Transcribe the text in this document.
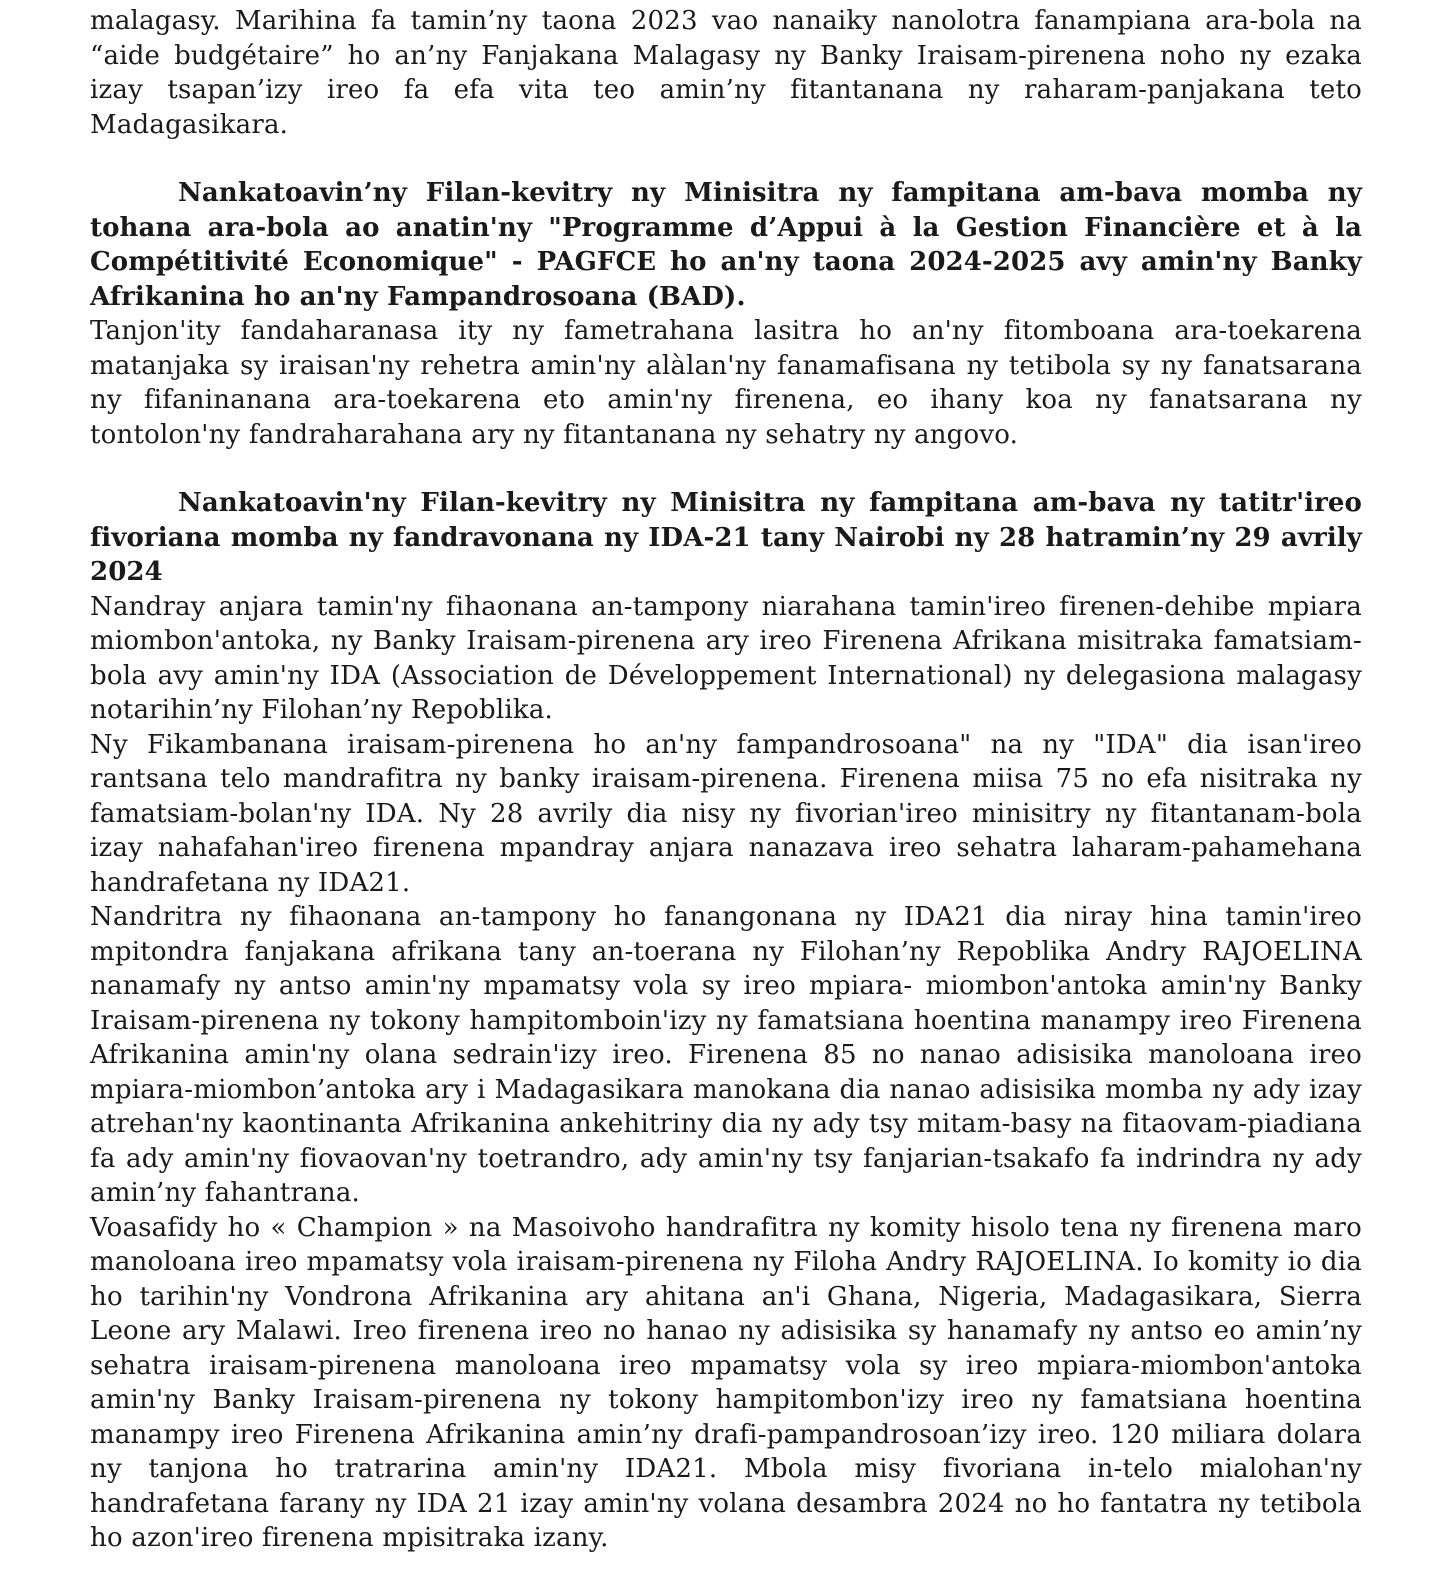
malagasy. Marihina fa tamin’ny taona 2023 vao nanaiky nanolotra fanampiana ara-bola na “aide budgétaire” ho an’ny Fanjakana Malagasy ny Banky Iraisam-pirenena noho ny ezaka izay tsapan’izy ireo fa efa vita teo amin’ny fitantanana ny raharam-panjakana teto Madagasikara.

Nankatoavin’ny Filan-kevitry ny Minisitra ny fampitana am-bava momba ny tohana ara-bola ao anatin'ny "Programme d’Appui à la Gestion Financière et à la Compétitivité Economique" - PAGFCE ho an'ny taona 2024-2025 avy amin'ny Banky Afrikanina ho an'ny Fampandrosoana (BAD).

Tanjon'ity fandaharanasa ity ny fametrahana lasitra ho an'ny fitomboana ara-toekarena matanjaka sy iraisan'ny rehetra amin'ny alàlan'ny fanamafisana ny tetibola sy ny fanatsarana ny fifaninanana ara-toekarena eto amin'ny firenena, eo ihany koa ny fanatsarana ny tontolon'ny fandraharahana ary ny fitantanana ny sehatry ny angovo.

Nankatoavin'ny Filan-kevitry ny Minisitra ny fampitana am-bava ny tatitr'ireo fivoriana momba ny fandravonana ny IDA-21 tany Nairobi ny 28 hatramin’ny 29 avrily 2024

Nandray anjara tamin'ny fihaonana an-tampony niarahana tamin'ireo firenen-dehibe mpiara miombon'antoka, ny Banky Iraisam-pirenena ary ireo Firenena Afrikana misitraka famatsiam-bola avy amin'ny IDA (Association de Développement International) ny delegasiona malagasy notarihin’ny Filohan’ny Repoblika.

Ny Fikambanana iraisam-pirenena ho an'ny fampandrosoana" na ny "IDA" dia isan'ireo rantsana telo mandrafitra ny banky iraisam-pirenena. Firenena miisa 75 no efa nisitraka ny famatsiam-bolan'ny IDA. Ny 28 avrily dia nisy ny fivorian'ireo minisitry ny fitantanam-bola izay nahafahan'ireo firenena mpandray anjara nanazava ireo sehatra laharam-pahamehana handrafetana ny IDA21.

Nandritra ny fihaonana an-tampony ho fanangonana ny IDA21 dia niray hina tamin'ireo mpitondra fanjakana afrikana tany an-toerana ny Filohan’ny Repoblika Andry RAJOELINA nanamafy ny antso amin'ny mpamatsy vola sy ireo mpiara- miombon'antoka amin'ny Banky Iraisam-pirenena ny tokony hampitomboin'izy ny famatsiana hoentina manampy ireo Firenena Afrikanina amin'ny olana sedrain'izy ireo. Firenena 85 no nanao adisisika manoloana ireo mpiara-miombon’antoka ary i Madagasikara manokana dia nanao adisisika momba ny ady izay atrehan'ny kaontinanta Afrikanina ankehitriny dia ny ady tsy mitam-basy na fitaovam-piadiana fa ady amin'ny fiovaovan'ny toetrandro, ady amin'ny tsy fanjarian-tsakafo fa indrindra ny ady amin’ny fahantrana.

Voasafidy ho « Champion » na Masoivoho handrafitra ny komity hisolo tena ny firenena maro manoloana ireo mpamatsy vola iraisam-pirenena ny Filoha Andry RAJOELINA. Io komity io dia ho tarihin'ny Vondrona Afrikanina ary ahitana an'i Ghana, Nigeria, Madagasikara, Sierra Leone ary Malawi. Ireo firenena ireo no hanao ny adisisika sy hanamafy ny antso eo amin’ny sehatra iraisam-pirenena manoloana ireo mpamatsy vola sy ireo mpiara-miombon'antoka amin'ny Banky Iraisam-pirenena ny tokony hampitombon'izy ireo ny famatsiana hoentina manampy ireo Firenena Afrikanina amin’ny drafi-pampandrosoan’izy ireo. 120 miliara dolara ny tanjona ho tratrarina amin'ny IDA21. Mbola misy fivoriana in-telo mialohan'ny handrafetana farany ny IDA 21 izay amin'ny volana desambra 2024 no ho fantatra ny tetibola ho azon'ireo firenena mpisitraka izany.
